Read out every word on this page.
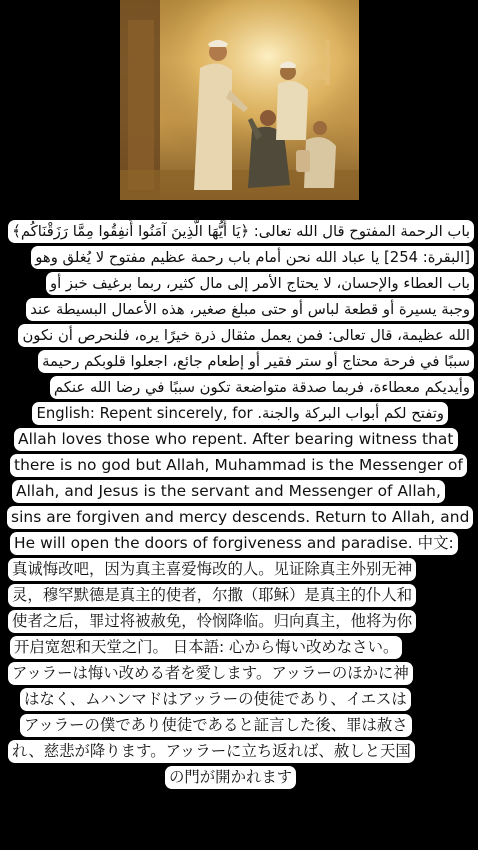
باب الرحمة المفتوح قال الله تعالى: ﴿يَا أَيُّهَا الَّذِينَ آمَنُوا أَنفِقُوا مِمَّا رَزَقْنَاكُم﴾
[البقرة: 254] يا عباد الله نحن أمام باب رحمة عظيم مفتوح لا يُغلق وهو
باب العطاء والإحسان، لا يحتاج الأمر إلى مال كثير، ربما برغيف خبز أو
وجبة يسيرة أو قطعة لباس أو حتى مبلغ صغير، هذه الأعمال البسيطة عند
الله عظيمة، قال تعالى: فمن يعمل مثقال ذرة خيرًا يره، فلنحرص أن نكون
سببًا في فرحة محتاج أو ستر فقير أو إطعام جائع، اجعلوا قلوبكم رحيمة
وأيديكم معطاءة، فربما صدقة متواضعة تكون سببًا في رضا الله عنكم
وتفتح لكم أبواب البركة والجنة. English: Repent sincerely, for
Allah loves those who repent. After bearing witness that
there is no god but Allah, Muhammad is the Messenger of
Allah, and Jesus is the servant and Messenger of Allah,
sins are forgiven and mercy descends. Return to Allah, and
He will open the doors of forgiveness and paradise. 中文:
真诚悔改吧，因为真主喜爱悔改的人。见证除真主外别无神
灵，穆罕默德是真主的使者，尔撒（耶稣）是真主的仆人和
使者之后，罪过将被赦免，怜悯降临。归向真主，他将为你
开启宽恕和天堂之门。 日本語: 心から悔い改めなさい。
アッラーは悔い改める者を愛します。アッラーのほかに神
はなく、ムハンマドはアッラーの使徒であり、イエスは
アッラーの僕であり使徒であると証言した後、罪は赦さ
れ、慈悲が降ります。アッラーに立ち返れば、赦しと天国
の門が開かれます
